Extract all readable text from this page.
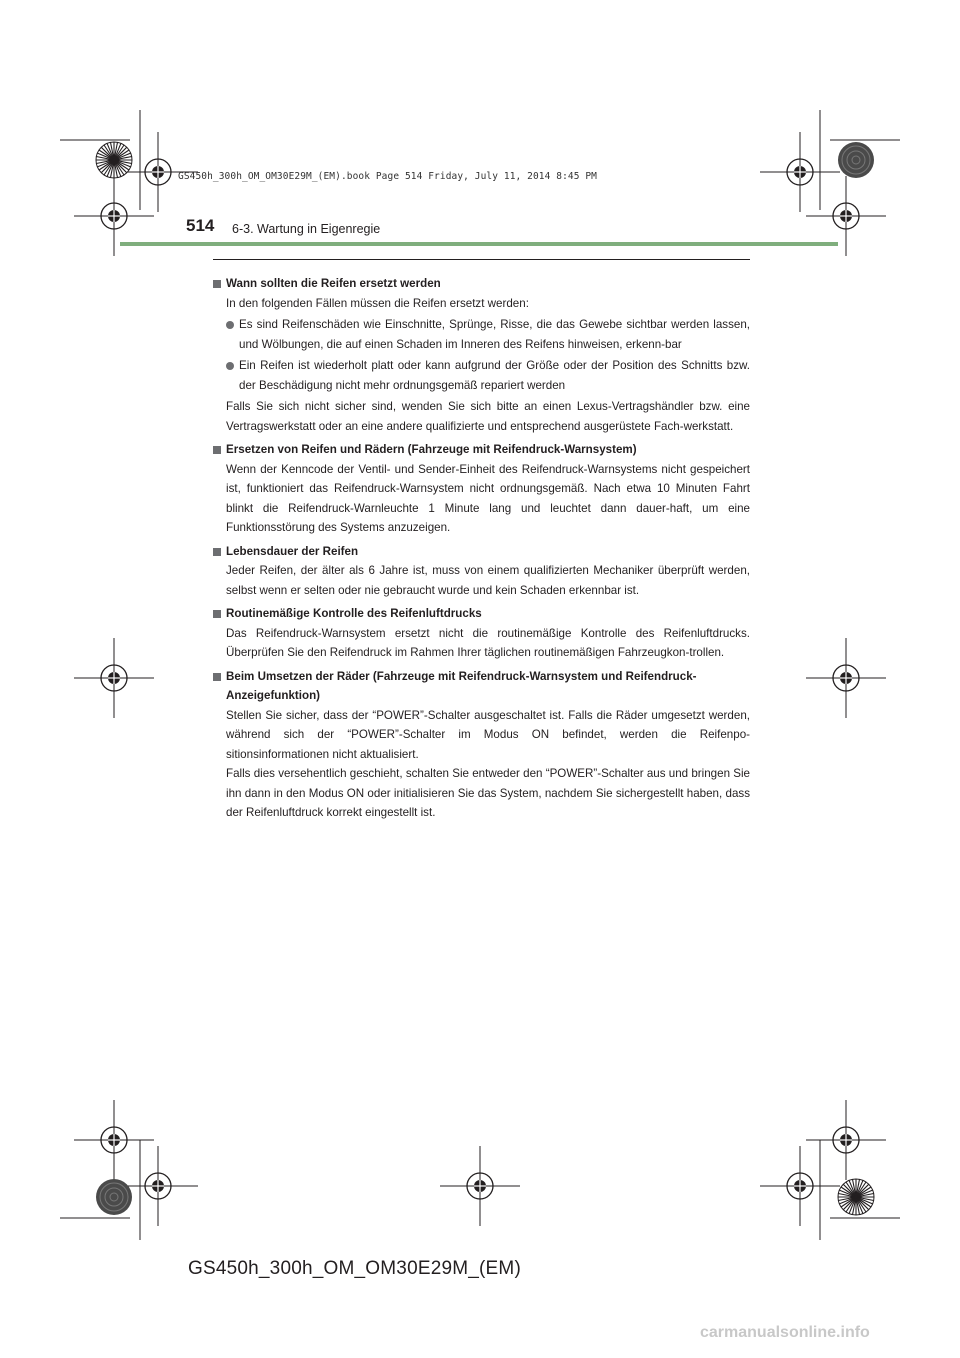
GS450h_300h_OM_OM30E29M_(EM).book Page 514 Friday, July 11, 2014 8:45 PM
514 6-3. Wartung in Eigenregie

Wann sollten die Reifen ersetzt werden

In den folgenden Fällen müssen die Reifen ersetzt werden:

Es sind Reifenschäden wie Einschnitte, Sprünge, Risse, die das Gewebe sichtbar werden lassen, und Wölbungen, die auf einen Schaden im Inneren des Reifens hinweisen, erkenn-bar

Ein Reifen ist wiederholt platt oder kann aufgrund der Größe oder der Position des Schnitts bzw. der Beschädigung nicht mehr ordnungsgemäß repariert werden

Falls Sie sich nicht sicher sind, wenden Sie sich bitte an einen Lexus-Vertragshändler bzw. eine Vertragswerkstatt oder an eine andere qualifizierte und entsprechend ausgerüstete Fach-werkstatt.

Ersetzen von Reifen und Rädern (Fahrzeuge mit Reifendruck-Warnsystem)

Wenn der Kenncode der Ventil- und Sender-Einheit des Reifendruck-Warnsystems nicht gespeichert ist, funktioniert das Reifendruck-Warnsystem nicht ordnungsgemäß. Nach etwa 10 Minuten Fahrt blinkt die Reifendruck-Warnleuchte 1 Minute lang und leuchtet dann dauer-haft, um eine Funktionsstörung des Systems anzuzeigen.

Lebensdauer der Reifen

Jeder Reifen, der älter als 6 Jahre ist, muss von einem qualifizierten Mechaniker überprüft werden, selbst wenn er selten oder nie gebraucht wurde und kein Schaden erkennbar ist.

Routinemäßige Kontrolle des Reifenluftdrucks

Das Reifendruck-Warnsystem ersetzt nicht die routinemäßige Kontrolle des Reifenluftdrucks. Überprüfen Sie den Reifendruck im Rahmen Ihrer täglichen routinemäßigen Fahrzeugkon-trollen.

Beim Umsetzen der Räder (Fahrzeuge mit Reifendruck-Warnsystem und Reifendruck-Anzeigefunktion)

Stellen Sie sicher, dass der “POWER”-Schalter ausgeschaltet ist. Falls die Räder umgesetzt werden, während sich der “POWER”-Schalter im Modus ON befindet, werden die Reifenpo-sitionsinformationen nicht aktualisiert.

Falls dies versehentlich geschieht, schalten Sie entweder den “POWER”-Schalter aus und bringen Sie ihn dann in den Modus ON oder initialisieren Sie das System, nachdem Sie sichergestellt haben, dass der Reifenluftdruck korrekt eingestellt ist.

GS450h_300h_OM_OM30E29M_(EM)
carmanualsonline.info
